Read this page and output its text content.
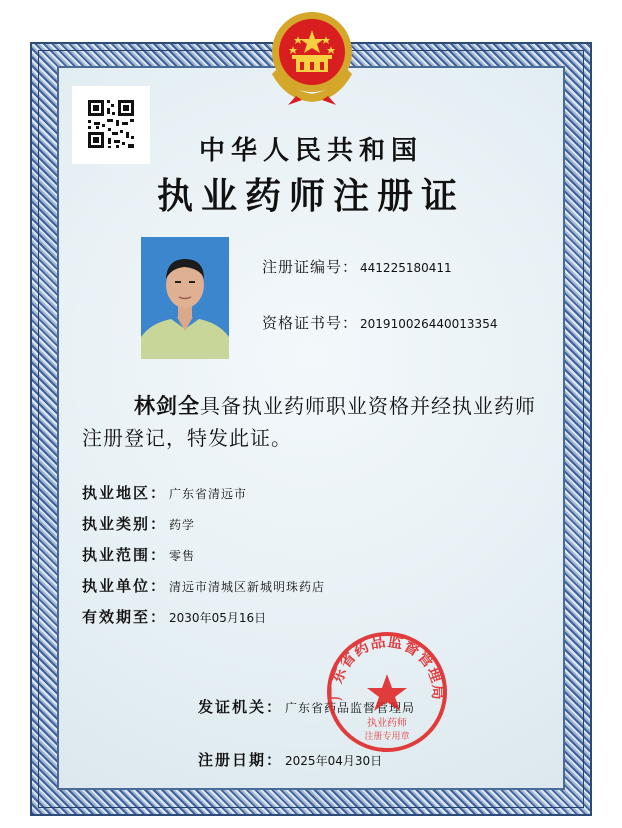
中华人民共和国
执业药师注册证
注册证编号： 441225180411
资格证书号： 201910026440013354
林剑全具备执业药师职业资格并经执业药师注册登记，特发此证。
执业地区： 广东省清远市
执业类别： 药学
执业范围： 零售
执业单位： 清远市清城区新城明珠药店
有效期至： 2030年05月16日
发证机关： 广东省药品监督管理局
注册日期： 2025年04月30日
广东省药品监督管理局
执业药师
注册专用章
